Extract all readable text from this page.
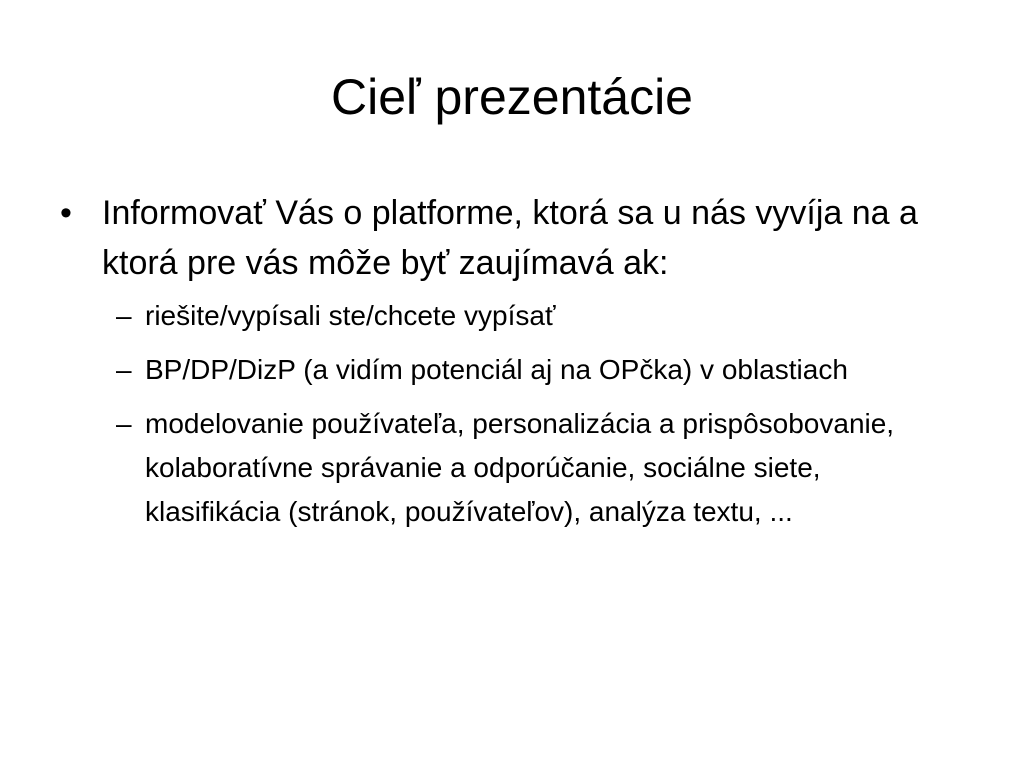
Cieľ prezentácie
• Informovať Vás o platforme, ktorá sa u nás vyvíja na a ktorá pre vás môže byť zaujímavá ak:
– riešite/vypísali ste/chcete vypísať
– BP/DP/DizP (a vidím potenciál aj na OPčka) v oblastiach
– modelovanie používateľa, personalizácia a prispôsobovanie, kolaboratívne správanie a odporúčanie, sociálne siete, klasifikácia (stránok, používateľov), analýza textu, ...
